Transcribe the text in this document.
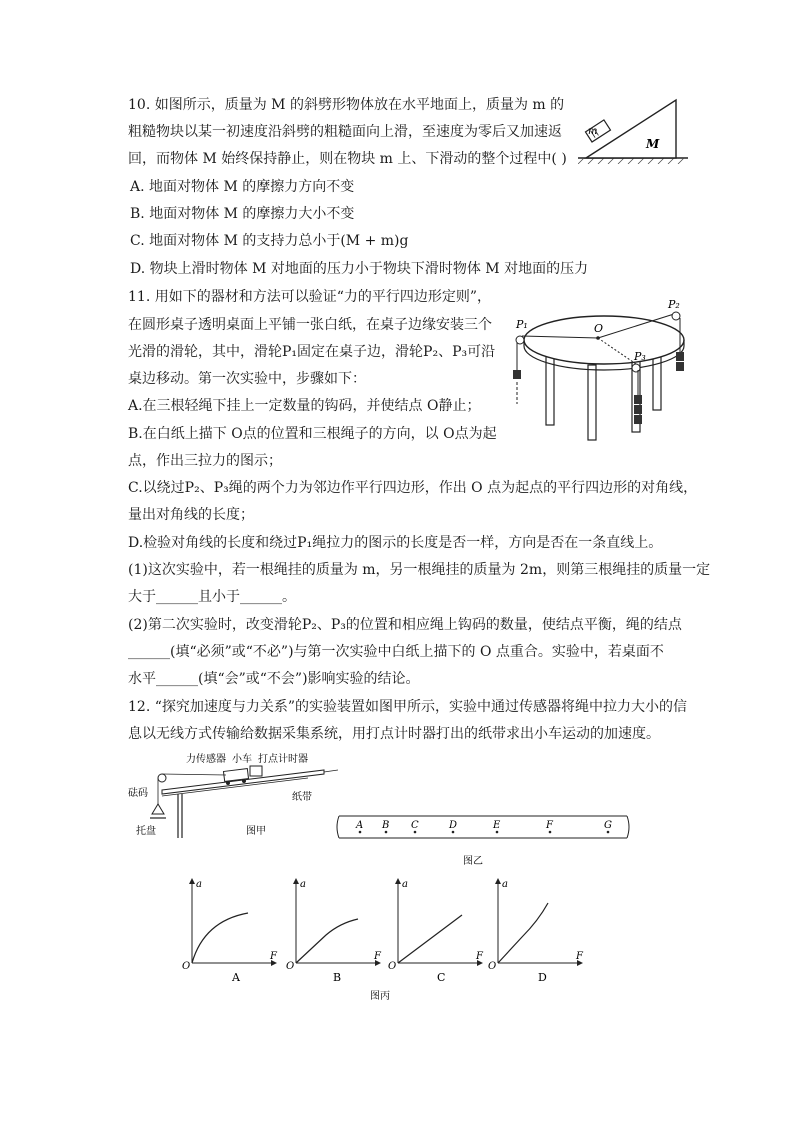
10. 如图所示，质量为 M 的斜劈形物体放在水平地面上，质量为 m 的
粗糙物块以某一初速度沿斜劈的粗糙面向上滑，至速度为零后又加速返
回，而物体 M 始终保持静止，则在物块 m 上、下滑动的整个过程中( )
A. 地面对物体 M 的摩擦力方向不变
B. 地面对物体 M 的摩擦力大小不变
C. 地面对物体 M 的支持力总小于(M + m)g
D. 物块上滑时物体 M 对地面的压力小于物块下滑时物体 M 对地面的压力
m
M
11. 用如下的器材和方法可以验证“力的平行四边形定则”，
在圆形桌子透明桌面上平铺一张白纸，在桌子边缘安装三个
光滑的滑轮，其中，滑轮P₁固定在桌子边，滑轮P₂、P₃可沿
桌边移动。第一次实验中，步骤如下：
A.在三根轻绳下挂上一定数量的钩码，并使结点 O静止；
B.在白纸上描下 O点的位置和三根绳子的方向，以 O点为起
点，作出三拉力的图示；
C.以绕过P₂、P₃绳的两个力为邻边作平行四边形，作出 O 点为起点的平行四边形的对角线，
量出对角线的长度；
D.检验对角线的长度和绕过P₁绳拉力的图示的长度是否一样，方向是否在一条直线上。
(1)这次实验中，若一根绳挂的质量为 m，另一根绳挂的质量为 2m，则第三根绳挂的质量一定
大于______且小于______。
(2)第二次实验时，改变滑轮P₂、P₃的位置和相应绳上钩码的数量，使结点平衡，绳的结点
______(填“必须”或“不必”)与第一次实验中白纸上描下的 O 点重合。实验中，若桌面不
水平______(填“会”或“不会”)影响实验的结论。
P₁
P₂
P₃
O
12. “探究加速度与力关系”的实验装置如图甲所示，实验中通过传感器将绳中拉力大小的信
息以无线方式传输给数据采集系统，用打点计时器打出的纸带求出小车运动的加速度。
力传感器 小车 打点计时器
砝码	纸带
托盘	图甲
A B C	D	E	F	G
图乙
a
F
O
A
a
F
O
B
a
F
O
C
a
F
O
D
图丙
